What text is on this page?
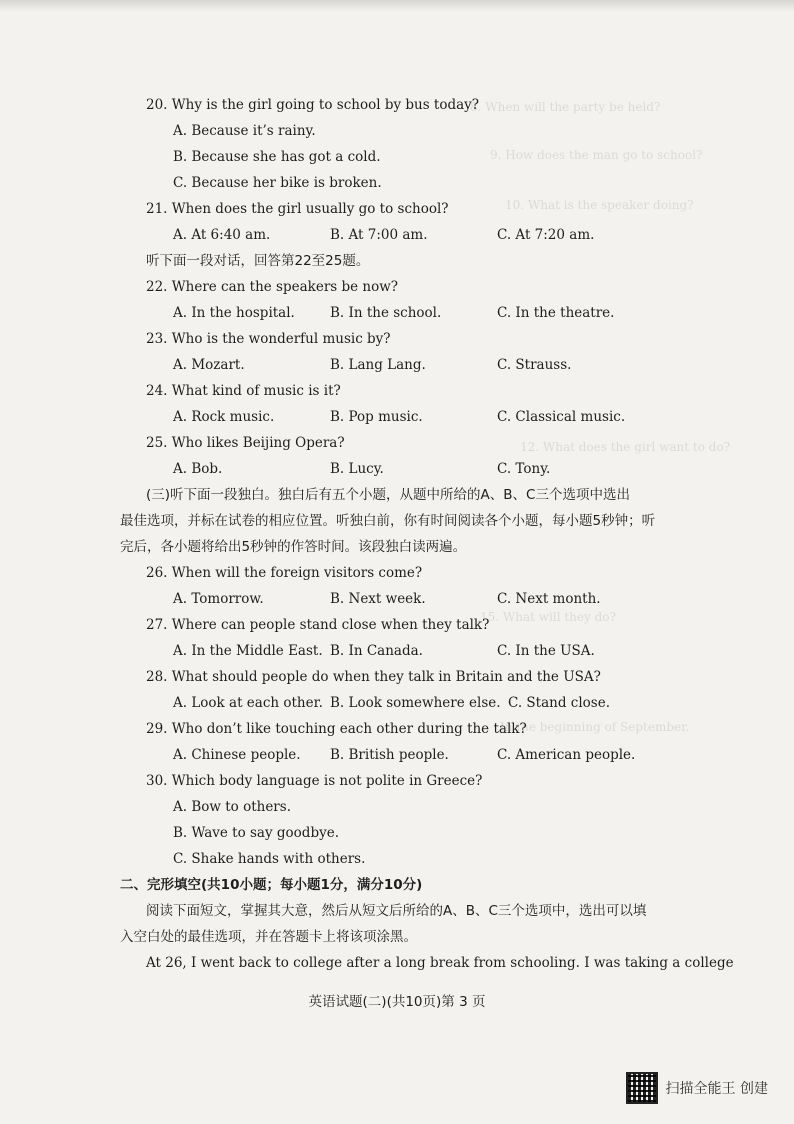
8. When will the party be held?
9. How does the man go to school?
10. What is the speaker doing?
12. What does the girl want to do?
15. What will they do?
In the beginning of September.
20. Why is the girl going to school by bus today?
A. Because it’s rainy.
B. Because she has got a cold.
C. Because her bike is broken.
21. When does the girl usually go to school?
A. At 6:40 am.	B. At 7:00 am.	C. At 7:20 am.
听下面一段对话，回答第22至25题。
22. Where can the speakers be now?
A. In the hospital.	B. In the school.	C. In the theatre.
23. Who is the wonderful music by?
A. Mozart.	B. Lang Lang.	C. Strauss.
24. What kind of music is it?
A. Rock music.	B. Pop music.	C. Classical music.
25. Who likes Beijing Opera?
A. Bob.	B. Lucy.	C. Tony.
(三)听下面一段独白。独白后有五个小题，从题中所给的A、B、C三个选项中选出
最佳选项，并标在试卷的相应位置。听独白前，你有时间阅读各个小题，每小题5秒钟；听
完后，各小题将给出5秒钟的作答时间。该段独白读两遍。
26. When will the foreign visitors come?
A. Tomorrow.	B. Next week.	C. Next month.
27. Where can people stand close when they talk?
A. In the Middle East. B. In Canada.	C. In the USA.
28. What should people do when they talk in Britain and the USA?
A. Look at each other. B. Look somewhere else. C. Stand close.
29. Who don’t like touching each other during the talk?
A. Chinese people. B. British people.	C. American people.
30. Which body language is not polite in Greece?
A. Bow to others.
B. Wave to say goodbye.
C. Shake hands with others.
二、完形填空(共10小题；每小题1分，满分10分)
阅读下面短文，掌握其大意，然后从短文后所给的A、B、C三个选项中，选出可以填
入空白处的最佳选项，并在答题卡上将该项涂黑。
At 26, I went back to college after a long break from schooling. I was taking a college
英语试题(二)(共10页)第 3 页
扫描全能王 创建
